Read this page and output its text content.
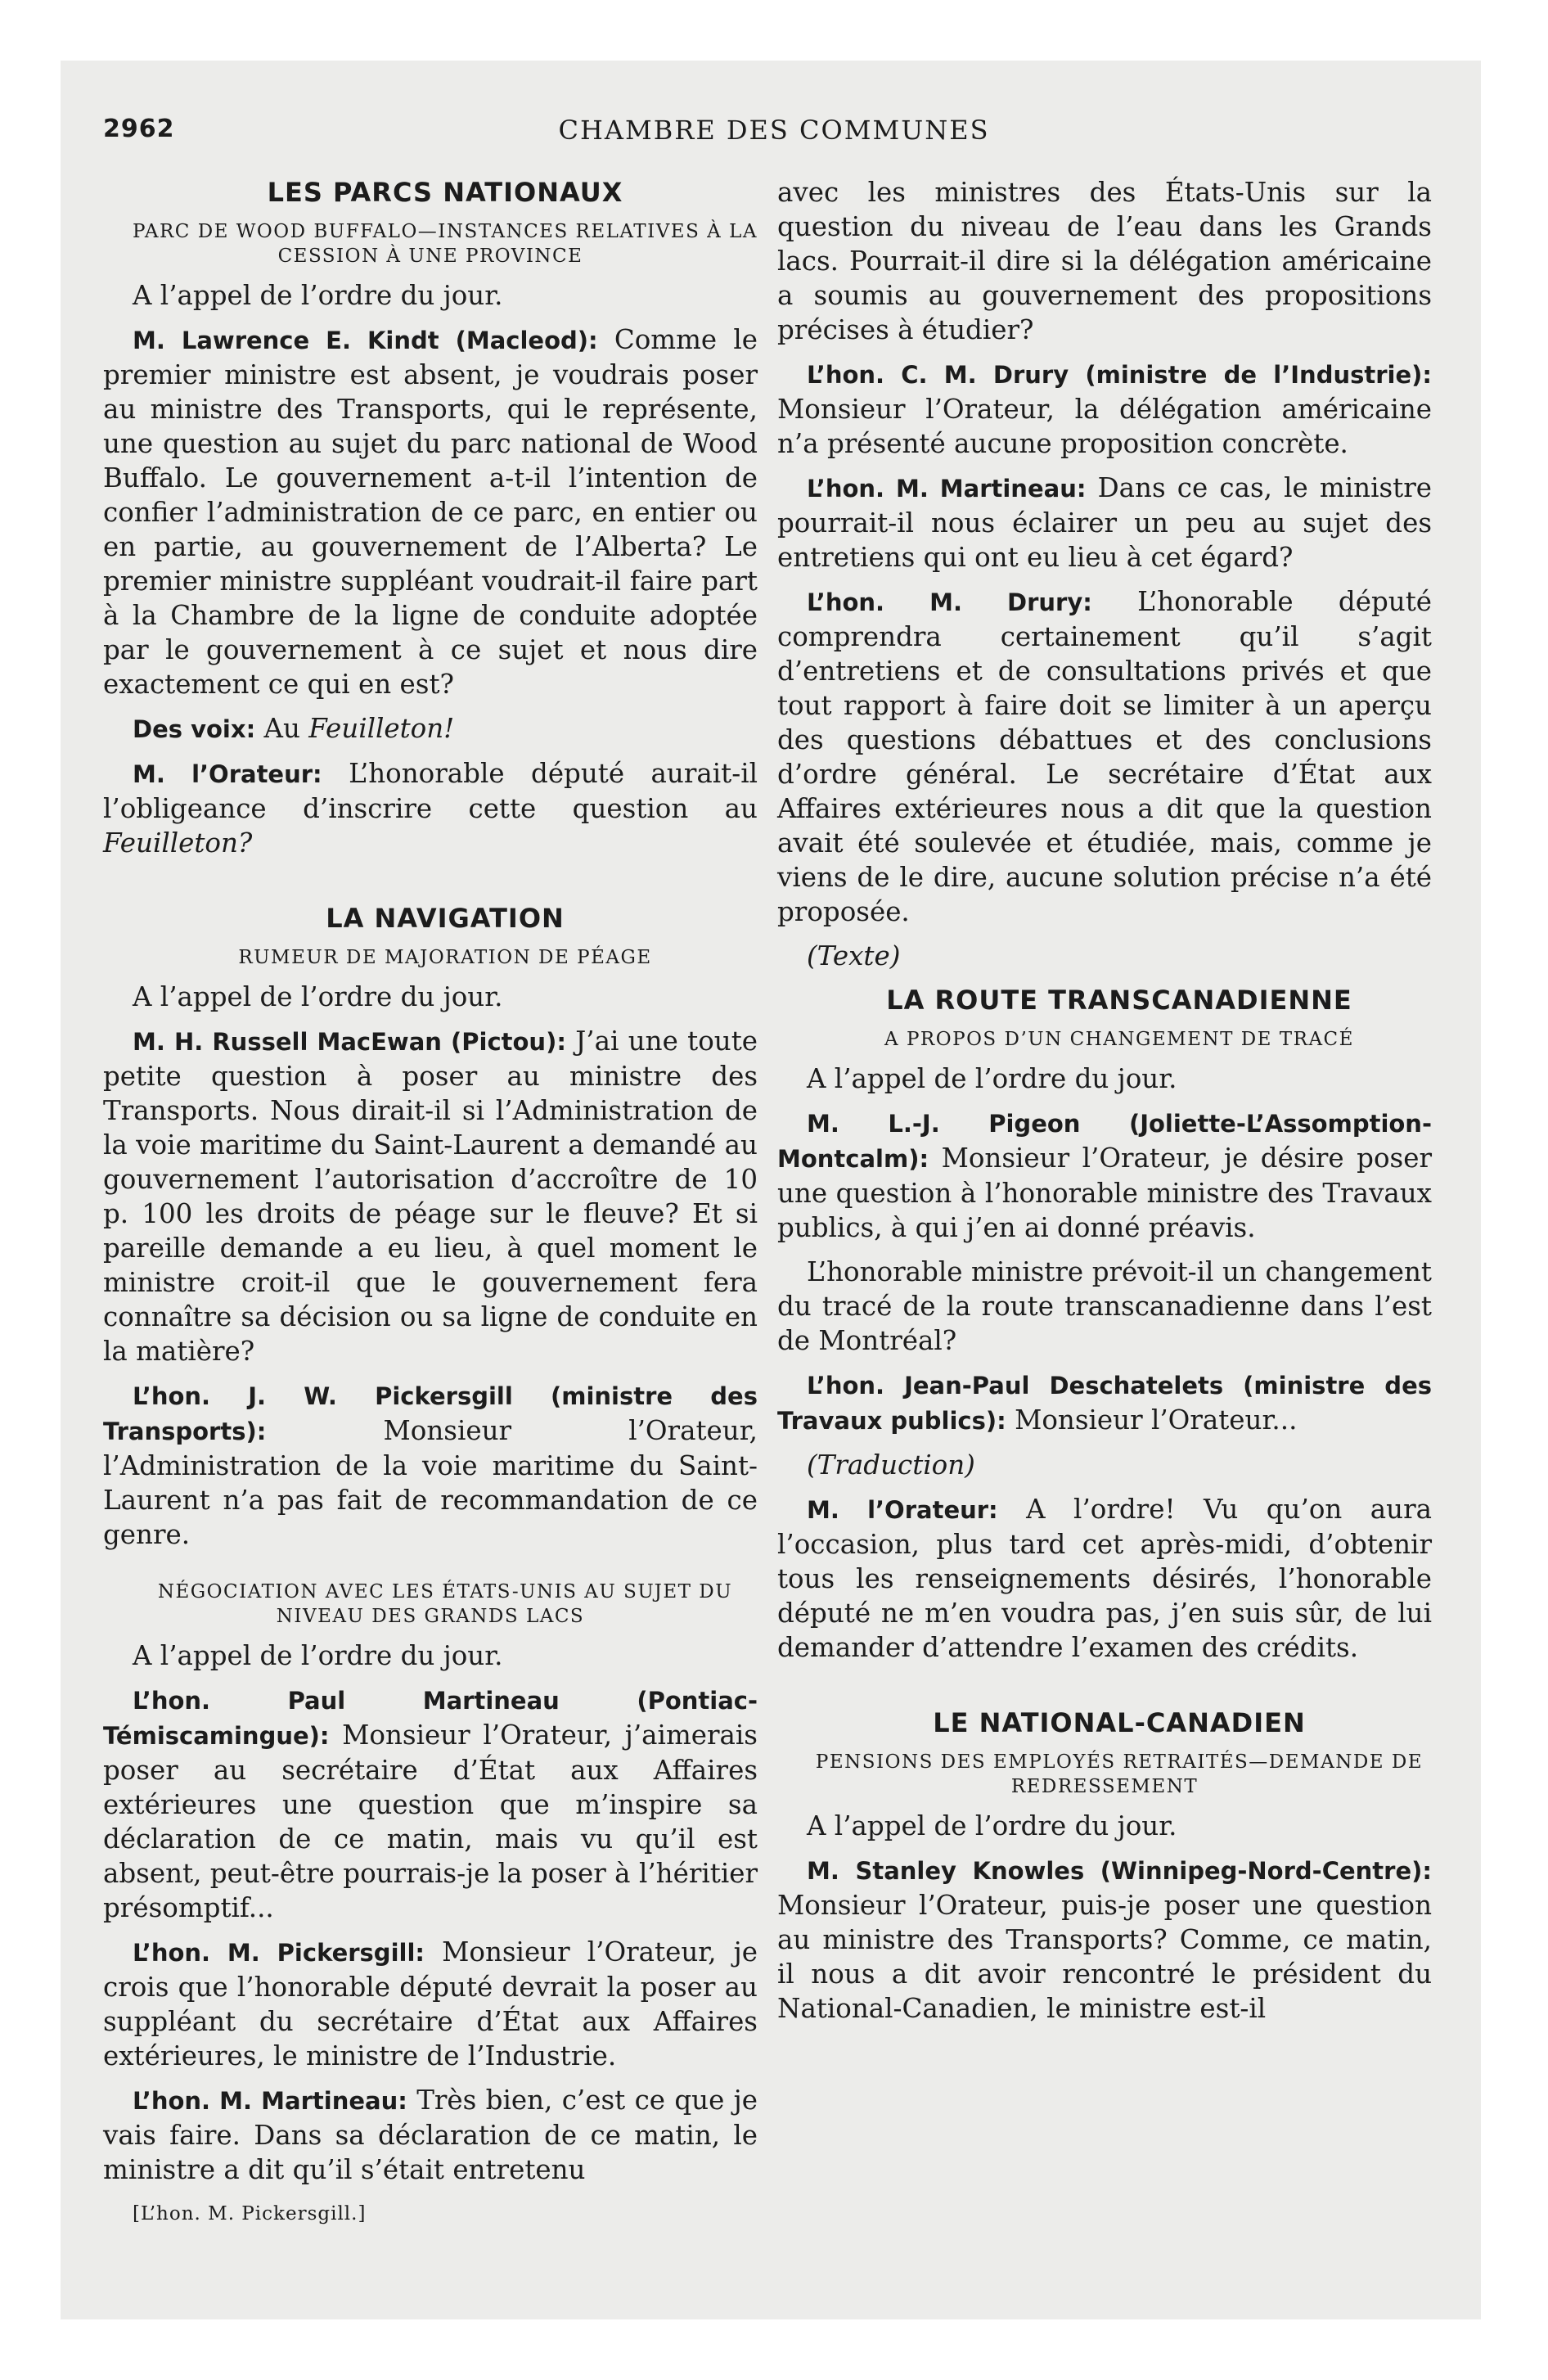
2962	CHAMBRE DES COMMUNES

LES PARCS NATIONAUX

PARC DE WOOD BUFFALO—INSTANCES RELATIVES À LA CESSION À UNE PROVINCE

A l’appel de l’ordre du jour.

M. Lawrence E. Kindt (Macleod): Comme le premier ministre est absent, je voudrais poser au ministre des Transports, qui le représente, une question au sujet du parc national de Wood Buffalo. Le gouvernement a-t-il l’intention de confier l’administration de ce parc, en entier ou en partie, au gouvernement de l’Alberta? Le premier ministre suppléant voudrait-il faire part à la Chambre de la ligne de conduite adoptée par le gouvernement à ce sujet et nous dire exactement ce qui en est?

Des voix: Au Feuilleton!

M. l’Orateur: L’honorable député aurait-il l’obligeance d’inscrire cette question au Feuilleton?

LA NAVIGATION

RUMEUR DE MAJORATION DE PÉAGE

A l’appel de l’ordre du jour.

M. H. Russell MacEwan (Pictou): J’ai une toute petite question à poser au ministre des Transports. Nous dirait-il si l’Administration de la voie maritime du Saint-Laurent a demandé au gouvernement l’autorisation d’accroître de 10 p. 100 les droits de péage sur le fleuve? Et si pareille demande a eu lieu, à quel moment le ministre croit-il que le gouvernement fera connaître sa décision ou sa ligne de conduite en la matière?

L’hon. J. W. Pickersgill (ministre des Transports):	Monsieur l’Orateur, l’Administration de la voie maritime du Saint-Laurent n’a pas fait de recommandation de ce genre.

NÉGOCIATION AVEC LES ÉTATS-UNIS AU SUJET DU NIVEAU DES GRANDS LACS

A l’appel de l’ordre du jour.

L’hon. Paul Martineau (Pontiac-Témiscamingue): Monsieur l’Orateur, j’aimerais poser au secrétaire d’État aux Affaires extérieures une question que m’inspire sa déclaration de ce matin, mais vu qu’il est absent, peut-être pourrais-je la poser à l’héritier présomptif...

L’hon. M. Pickersgill: Monsieur l’Orateur, je crois que l’honorable député devrait la poser au suppléant du secrétaire d’État aux Affaires extérieures, le ministre de l’Industrie.

L’hon. M. Martineau: Très bien, c’est ce que je vais faire. Dans sa déclaration de ce matin, le ministre a dit qu’il s’était entretenu

[L’hon. M. Pickersgill.]

avec les ministres des États-Unis sur la question du niveau de l’eau dans les Grands lacs. Pourrait-il dire si la délégation américaine a soumis au gouvernement des propositions précises à étudier?

L’hon. C. M. Drury (ministre de l’Industrie): Monsieur l’Orateur, la délégation américaine n’a présenté aucune proposition concrète.

L’hon. M. Martineau: Dans ce cas, le ministre pourrait-il nous éclairer un peu au sujet des entretiens qui ont eu lieu à cet égard?

L’hon. M. Drury: L’honorable député comprendra certainement qu’il s’agit d’entretiens et de consultations privés et que tout rapport à faire doit se limiter à un aperçu des questions débattues et des conclusions d’ordre général. Le secrétaire d’État aux Affaires extérieures nous a dit que la question avait été soulevée et étudiée, mais, comme je viens de le dire, aucune solution précise n’a été proposée.

(Texte)

LA ROUTE TRANSCANADIENNE

A PROPOS D’UN CHANGEMENT DE TRACÉ

A l’appel de l’ordre du jour.

M. L.-J. Pigeon (Joliette-L’Assomption-Montcalm): Monsieur l’Orateur, je désire poser une question à l’honorable ministre des Travaux publics, à qui j’en ai donné préavis.

L’honorable ministre prévoit-il un changement du tracé de la route transcanadienne dans l’est de Montréal?

L’hon. Jean-Paul Deschatelets (ministre des Travaux publics): Monsieur l’Orateur...

(Traduction)

M. l’Orateur: A l’ordre! Vu qu’on aura l’occasion, plus tard cet après-midi, d’obtenir tous les renseignements désirés, l’honorable député ne m’en voudra pas, j’en suis sûr, de lui demander d’attendre l’examen des crédits.

LE NATIONAL-CANADIEN

PENSIONS DES EMPLOYÉS RETRAITÉS—DEMANDE DE REDRESSEMENT

A l’appel de l’ordre du jour.

M. Stanley Knowles (Winnipeg-Nord-Centre): Monsieur l’Orateur, puis-je poser une question au ministre des Transports? Comme, ce matin, il nous a dit avoir rencontré le président du National-Canadien, le ministre est-il
